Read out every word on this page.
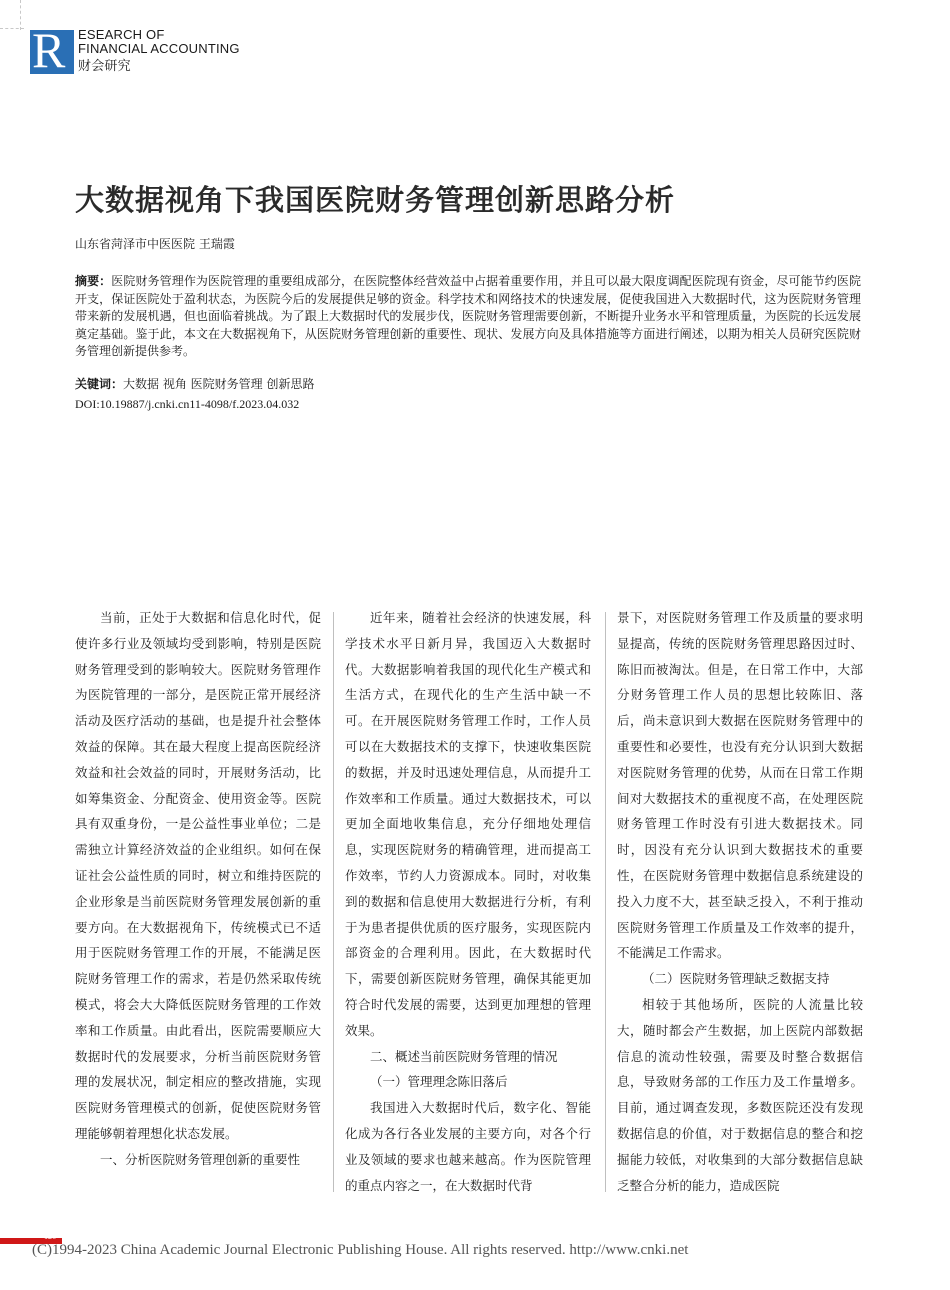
R ESEARCH OF
FINANCIAL ACCOUNTING
财会研究
大数据视角下我国医院财务管理创新思路分析
山东省菏泽市中医医院 王瑞霞
摘要：医院财务管理作为医院管理的重要组成部分，在医院整体经营效益中占据着重要作用，并且可以最大限度调配医院现有资金，尽可能节约医院开支，保证医院处于盈利状态，为医院今后的发展提供足够的资金。科学技术和网络技术的快速发展，促使我国进入大数据时代，这为医院财务管理带来新的发展机遇，但也面临着挑战。为了跟上大数据时代的发展步伐，医院财务管理需要创新，不断提升业务水平和管理质量，为医院的长远发展奠定基础。鉴于此，本文在大数据视角下，从医院财务管理创新的重要性、现状、发展方向及具体措施等方面进行阐述，以期为相关人员研究医院财务管理创新提供参考。
关键词：大数据 视角 医院财务管理 创新思路
DOI:10.19887/j.cnki.cn11-4098/f.2023.04.032

当前，正处于大数据和信息化时代，促使许多行业及领域均受到影响，特别是医院财务管理受到的影响较大。医院财务管理作为医院管理的一部分，是医院正常开展经济活动及医疗活动的基础，也是提升社会整体效益的保障。其在最大程度上提高医院经济效益和社会效益的同时，开展财务活动，比如筹集资金、分配资金、使用资金等。医院具有双重身份，一是公益性事业单位；二是需独立计算经济效益的企业组织。如何在保证社会公益性质的同时，树立和维持医院的企业形象是当前医院财务管理发展创新的重要方向。在大数据视角下，传统模式已不适用于医院财务管理工作的开展，不能满足医院财务管理工作的需求，若是仍然采取传统模式，将会大大降低医院财务管理的工作效率和工作质量。由此看出，医院需要顺应大数据时代的发展要求，分析当前医院财务管理的发展状况，制定相应的整改措施，实现医院财务管理模式的创新，促使医院财务管理能够朝着理想化状态发展。

一、分析医院财务管理创新的重要性

近年来，随着社会经济的快速发展，科学技术水平日新月异，我国迈入大数据时代。大数据影响着我国的现代化生产模式和生活方式，在现代化的生产生活中缺一不可。在开展医院财务管理工作时，工作人员可以在大数据技术的支撑下，快速收集医院的数据，并及时迅速处理信息，从而提升工作效率和工作质量。通过大数据技术，可以更加全面地收集信息，充分仔细地处理信息，实现医院财务的精确管理，进而提高工作效率，节约人力资源成本。同时，对收集到的数据和信息使用大数据进行分析，有利于为患者提供优质的医疗服务，实现医院内部资金的合理利用。因此，在大数据时代下，需要创新医院财务管理，确保其能更加符合时代发展的需要，达到更加理想的管理效果。

二、概述当前医院财务管理的情况

（一）管理理念陈旧落后

我国进入大数据时代后，数字化、智能化成为各行各业发展的主要方向，对各个行业及领域的要求也越来越高。作为医院管理的重点内容之一，在大数据时代背

景下，对医院财务管理工作及质量的要求明显提高，传统的医院财务管理思路因过时、陈旧而被淘汰。但是，在日常工作中，大部分财务管理工作人员的思想比较陈旧、落后，尚未意识到大数据在医院财务管理中的重要性和必要性，也没有充分认识到大数据对医院财务管理的优势，从而在日常工作期间对大数据技术的重视度不高，在处理医院财务管理工作时没有引进大数据技术。同时，因没有充分认识到大数据技术的重要性，在医院财务管理中数据信息系统建设的投入力度不大，甚至缺乏投入，不利于推动医院财务管理工作质量及工作效率的提升，不能满足工作需求。

（二）医院财务管理缺乏数据支持

相较于其他场所，医院的人流量比较大，随时都会产生数据，加上医院内部数据信息的流动性较强，需要及时整合数据信息，导致财务部的工作压力及工作量增多。目前，通过调查发现，多数医院还没有发现数据信息的价值，对于数据信息的整合和挖掘能力较低，对收集到的大部分数据信息缺乏整合分析的能力，造成医院

126
(C)1994-2023 China Academic Journal Electronic Publishing House. All rights reserved. http://www.cnki.net
